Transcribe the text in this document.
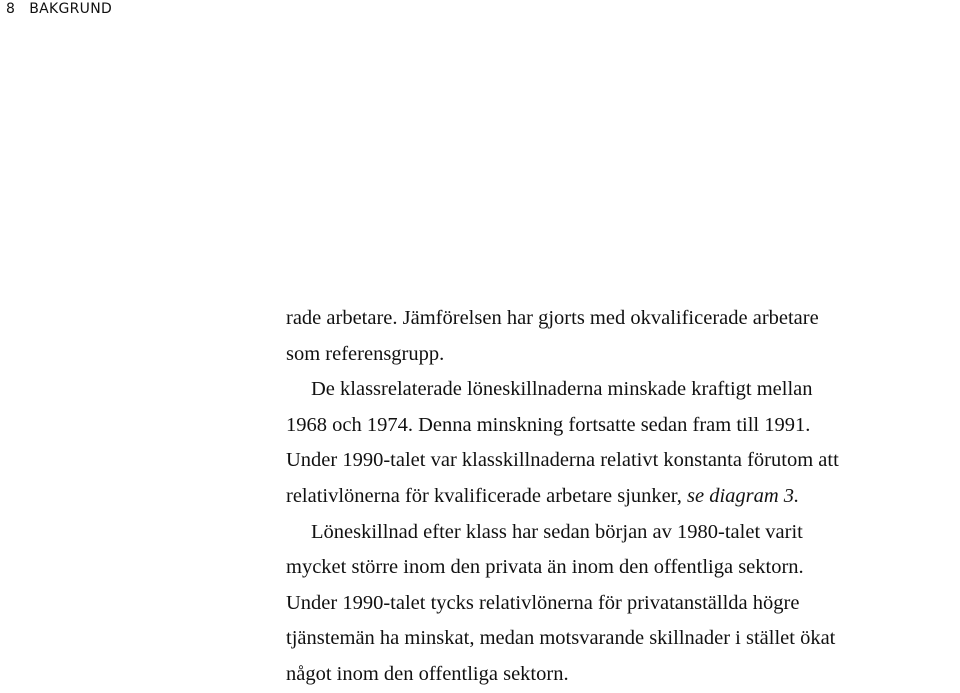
8 BAKGRUND
rade arbetare. Jämförelsen har gjorts med okvalificerade arbetare
som referensgrupp.
De klassrelaterade löneskillnaderna minskade kraftigt mellan
1968 och 1974. Denna minskning fortsatte sedan fram till 1991.
Under 1990-talet var klasskillnaderna relativt konstanta förutom att
relativlönerna för kvalificerade arbetare sjunker, se diagram 3.
Löneskillnad efter klass har sedan början av 1980-talet varit
mycket större inom den privata än inom den offentliga sektorn.
Under 1990-talet tycks relativlönerna för privatanställda högre
tjänstemän ha minskat, medan motsvarande skillnader i stället ökat
något inom den offentliga sektorn.
